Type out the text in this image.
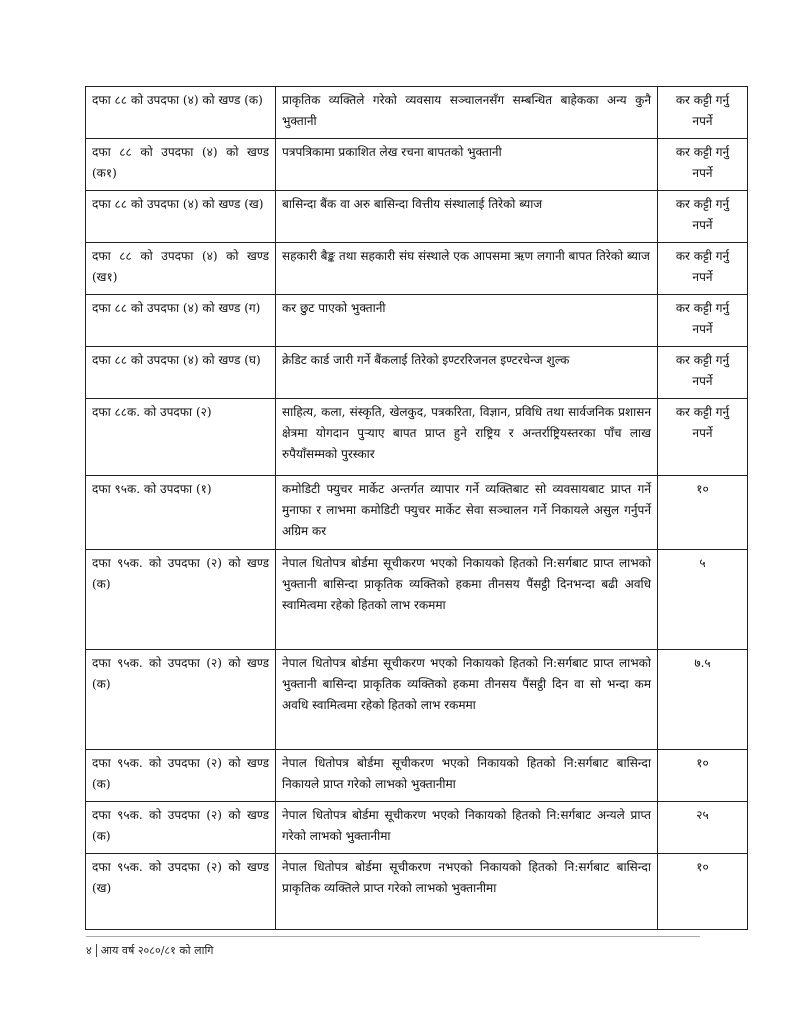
दफा ८८ को उपदफा (४) को खण्ड (क)	प्राकृतिक व्यक्तिले गरेको व्यवसाय सञ्चालनसँग सम्बन्धित बाहेकका अन्य कुनै भुक्तानी	कर कट्टी गर्नु नपर्ने
दफा ८८ को उपदफा (४) को खण्ड (क१)	पत्रपत्रिकामा प्रकाशित लेख रचना बापतको भुक्तानी	कर कट्टी गर्नु नपर्ने
दफा ८८ को उपदफा (४) को खण्ड (ख)	बासिन्दा बैंक वा अरु बासिन्दा वित्तीय संस्थालाई तिरेको ब्याज	कर कट्टी गर्नु नपर्ने
दफा ८८ को उपदफा (४) को खण्ड (ख१)	सहकारी बैङ्क तथा सहकारी संघ संस्थाले एक आपसमा ऋण लगानी बापत तिरेको ब्याज	कर कट्टी गर्नु नपर्ने
दफा ८८ को उपदफा (४) को खण्ड (ग)	कर छुट पाएको भुक्तानी	कर कट्टी गर्नु नपर्ने
दफा ८८ को उपदफा (४) को खण्ड (घ)	क्रेडिट कार्ड जारी गर्ने बैंकलाई तिरेको इण्टररिजनल इण्टरचेन्ज शुल्क	कर कट्टी गर्नु नपर्ने
दफा ८८क. को उपदफा (२)	साहित्य, कला, संस्कृति, खेलकुद, पत्रकरिता, विज्ञान, प्रविधि तथा सार्वजनिक प्रशासन क्षेत्रमा योगदान पुऱ्याए बापत प्राप्त हुने राष्ट्रिय र अन्तर्राष्ट्रियस्तरका पाँच लाख रुपैयाँसम्मको पुरस्कार	कर कट्टी गर्नु नपर्ने
दफा ९५क. को उपदफा (१)	कमोडिटी फ्युचर मार्केट अन्तर्गत व्यापार गर्ने व्यक्तिबाट सो व्यवसायबाट प्राप्त गर्ने मुनाफा र लाभमा कमोडिटी फ्युचर मार्केट सेवा सञ्चालन गर्ने निकायले असुल गर्नुपर्ने अग्रिम कर	१०
दफा ९५क. को उपदफा (२) को खण्ड (क)	नेपाल धितोपत्र बोर्डमा सूचीकरण भएको निकायको हितको नि:सर्गबाट प्राप्त लाभको भुक्तानी बासिन्दा प्राकृतिक व्यक्तिको हकमा तीनसय पैंसट्ठी दिनभन्दा बढी अवधि स्वामित्वमा रहेको हितको लाभ रकममा	५
दफा ९५क. को उपदफा (२) को खण्ड (क)	नेपाल धितोपत्र बोर्डमा सूचीकरण भएको निकायको हितको नि:सर्गबाट प्राप्त लाभको भुक्तानी बासिन्दा प्राकृतिक व्यक्तिको हकमा तीनसय पैंसट्ठी दिन वा सो भन्दा कम अवधि स्वामित्वमा रहेको हितको लाभ रकममा	७.५
दफा ९५क. को उपदफा (२) को खण्ड (क)	नेपाल धितोपत्र बोर्डमा सूचीकरण भएको निकायको हितको नि:सर्गबाट बासिन्दा निकायले प्राप्त गरेको लाभको भुक्तानीमा	१०
दफा ९५क. को उपदफा (२) को खण्ड (क)	नेपाल धितोपत्र बोर्डमा सूचीकरण भएको निकायको हितको नि:सर्गबाट अन्यले प्राप्त गरेको लाभको भुक्तानीमा	२५
दफा ९५क. को उपदफा (२) को खण्ड (ख)	नेपाल धितोपत्र बोर्डमा सूचीकरण नभएको निकायको हितको नि:सर्गबाट बासिन्दा प्राकृतिक व्यक्तिले प्राप्त गरेको लाभको भुक्तानीमा	१०
४ आय वर्ष २०८०/८१ को लागि
